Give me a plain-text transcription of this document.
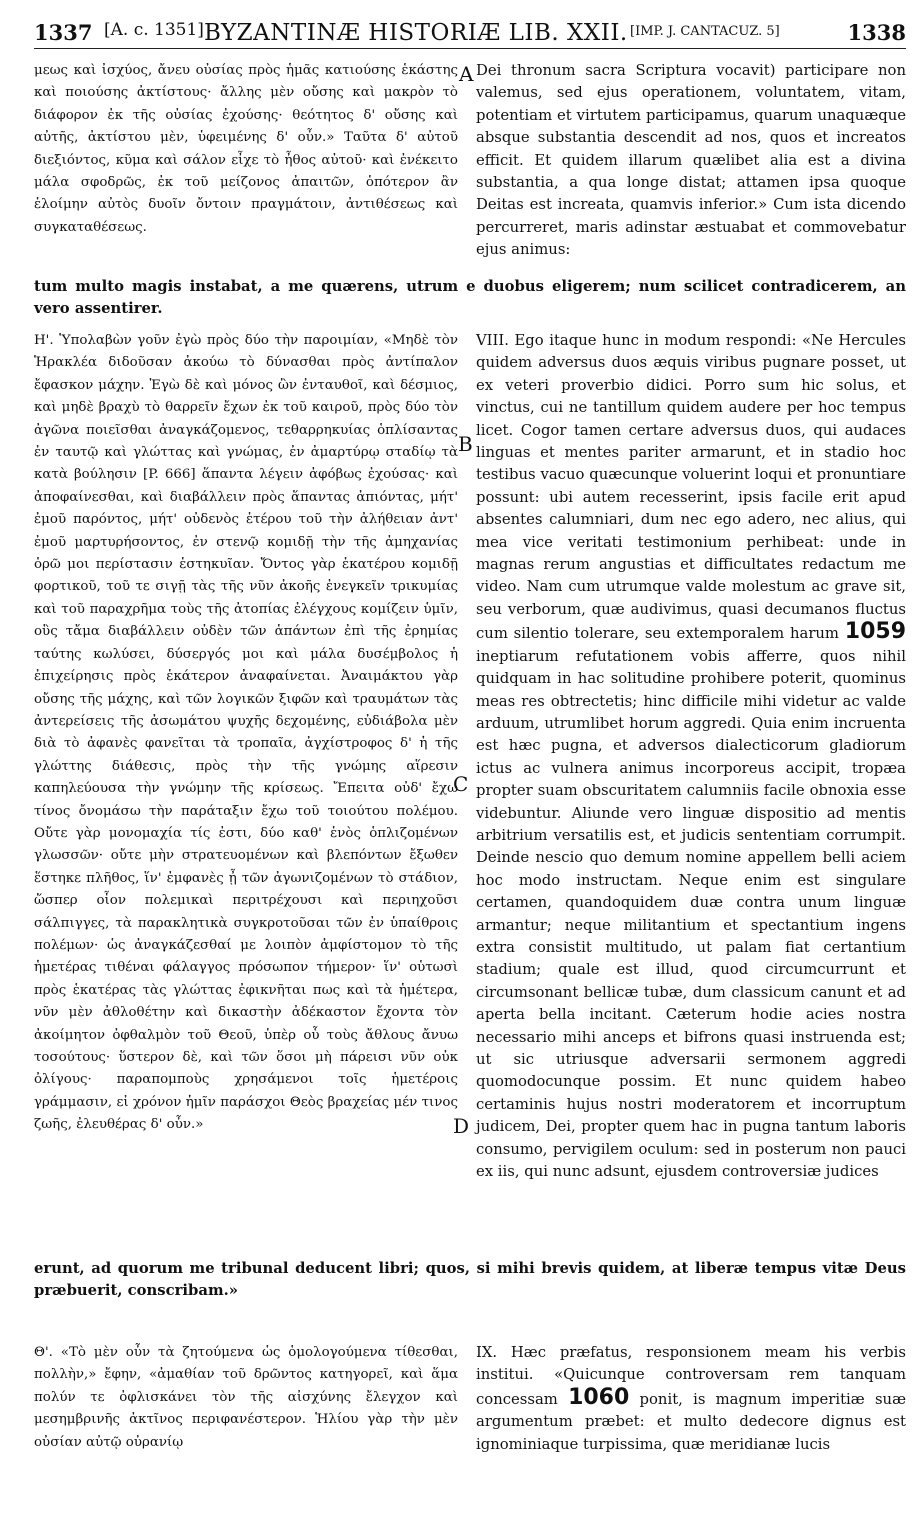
1337 [A. c. 1351] BYZANTINÆ HISTORIÆ LIB. XXII. [IMP. J. CANTACUZ. 5]	1338

μεως καὶ ἰσχύος, ἄνευ οὐσίας πρὸς ἡμᾶς κατιούσης ἑκάστης καὶ ποιούσης ἀκτίστους· ἄλλης μὲν οὔσης καὶ μακρὸν τὸ διάφορον ἐκ τῆς οὐσίας ἐχούσης· θεότητος δ' οὔσης καὶ αὐτῆς, ἀκτίστου μὲν, ὑφειμένης δ' οὖν.» Ταῦτα δ' αὐτοῦ διεξιόντος, κῦμα καὶ σάλον εἶχε τὸ ἦθος αὐτοῦ· καὶ ἐνέκειτο μάλα σφοδρῶς, ἐκ τοῦ μείζονος ἀπαιτῶν, ὁπότερον ἂν ἑλοίμην αὐτὸς δυοῖν ὄντοιν πραγμάτοιν, ἀντιθέσεως καὶ συγκαταθέσεως.

A Dei thronum sacra Scriptura vocavit) participare non valemus, sed ejus operationem, voluntatem, vitam, potentiam et virtutem participamus, quarum unaquæque absque substantia descendit ad nos, quos et increatos efficit. Et quidem illarum quælibet alia est a divina substantia, a qua longe distat; attamen ipsa quoque Deitas est increata, quamvis inferior.» Cum ista dicendo percurreret, maris adinstar æstuabat et commovebatur ejus animus:

tum multo magis instabat, a me quærens, utrum e duobus eligerem; num scilicet contradicerem, an vero assentirer.

Η'. Ὑπολαβὼν γοῦν ἐγὼ πρὸς δύο τὴν παροιμίαν, «Μηδὲ τὸν Ἡρακλέα διδοῦσαν ἀκούω τὸ δύνασθαι πρὸς ἀντίπαλον ἔφασκον μάχην. Ἐγὼ δὲ καὶ μόνος ὢν ἐνταυθοῖ, καὶ δέσμιος, καὶ μηδὲ βραχὺ τὸ θαρρεῖν ἔχων ἐκ τοῦ καιροῦ, πρὸς δύο τὸν ἀγῶνα ποιεῖσθαι ἀναγκάζομενος, τεθαρρηκυίας ὁπλίσαντας ἐν ταυτῷ καὶ γλώττας καὶ γνώμας, ἐν ἀμαρτύρῳ σταδίῳ τὰ κατὰ βούλησιν [P. 666] ἅπαντα λέγειν ἀφόβως ἐχούσας· καὶ ἀποφαίνεσθαι, καὶ διαβάλλειν πρὸς ἅπαντας ἀπιόντας, μήτ' ἐμοῦ παρόντος, μήτ' οὐδενὸς ἑτέρου τοῦ τὴν ἀλήθειαν ἀντ' ἐμοῦ μαρτυρήσοντος, ἐν στενῷ κομιδῇ τὴν τῆς ἀμηχανίας ὁρῶ μοι περίστασιν ἑστηκυῖαν. Ὄντος γὰρ ἑκατέρου κομιδῇ φορτικοῦ, τοῦ τε σιγῇ τὰς τῆς νῦν ἀκοῆς ἐνεγκεῖν τρικυμίας καὶ τοῦ παραχρῆμα τοὺς τῆς ἀτοπίας ἐλέγχους κομίζειν ὑμῖν, οὓς τἄμα διαβάλλειν οὐδὲν τῶν ἁπάντων ἐπὶ τῆς ἐρημίας ταύτης κωλύσει, δύσεργός μοι καὶ μάλα δυσέμβολος ἡ ἐπιχείρησις πρὸς ἑκάτερον ἀναφαίνεται. Ἀναιμάκτου γὰρ οὔσης τῆς μάχης, καὶ τῶν λογικῶν ξιφῶν καὶ τραυμάτων τὰς ἀντερείσεις τῆς ἀσωμάτου ψυχῆς δεχομένης, εὐδιάβολα μὲν διὰ τὸ ἀφανὲς φανεῖται τὰ τροπαῖα, ἀγχίστροφος δ' ἡ τῆς γλώττης διάθεσις, πρὸς τὴν τῆς γνώμης αἵρεσιν καπηλεύουσα τὴν γνώμην τῆς κρίσεως. Ἔπειτα οὐδ' ἔχω τίνος ὄνομάσω τὴν παράταξιν ἔχω τοῦ τοιούτου πολέμου. Οὔτε γὰρ μονομαχία τίς ἐστι, δύο καθ' ἑνὸς ὁπλιζομένων γλωσσῶν· οὔτε μὴν στρατευομένων καὶ βλεπόντων ἔξωθεν ἕστηκε πλῆθος, ἵν' ἐμφανὲς ᾖ τῶν ἀγωνιζομένων τὸ στάδιον, ὥσπερ οἷον πολεμικαὶ περιτρέχουσι καὶ περιηχοῦσι σάλπιγγες, τὰ παρακλητικὰ συγκροτοῦσαι τῶν ἐν ὑπαίθροις πολέμων· ὡς ἀναγκάζεσθαί με λοιπὸν ἀμφίστομον τὸ τῆς ἡμετέρας τιθέναι φάλαγγος πρόσωπον τήμερον· ἵν' οὑτωσὶ πρὸς ἑκατέρας τὰς γλώττας ἐφικνῆται πως καὶ τὰ ἡμέτερα, νῦν μὲν ἀθλοθέτην καὶ δικαστὴν ἀδέκαστον ἔχοντα τὸν ἀκοίμητον ὀφθαλμὸν τοῦ Θεοῦ, ὑπὲρ οὗ τοὺς ἄθλους ἄνυω τοσούτους· ὕστερον δὲ, καὶ τῶν ὅσοι μὴ πάρεισι νῦν οὐκ ὀλίγους· παραπομποὺς χρησάμενοι τοῖς ἡμετέροις γράμμασιν, εἰ χρόνον ἡμῖν παράσχοι Θεὸς βραχείας μέν τινος ζωῆς, ἐλευθέρας δ' οὖν.»

B
C
D

VIII. Ego itaque hunc in modum respondi: «Ne Hercules quidem adversus duos æquis viribus pugnare posset, ut ex veteri proverbio didici. Porro sum hic solus, et vinctus, cui ne tantillum quidem audere per hoc tempus licet. Cogor tamen certare adversus duos, qui audaces linguas et mentes pariter armarunt, et in stadio hoc testibus vacuo quæcunque voluerint loqui et pronuntiare possunt: ubi autem recesserint, ipsis facile erit apud absentes calumniari, dum nec ego adero, nec alius, qui mea vice veritati testimonium perhibeat: unde in magnas rerum angustias et difficultates redactum me video. Nam cum utrumque valde molestum ac grave sit, seu verborum, quæ audivimus, quasi decumanos fluctus cum silentio tolerare, seu extemporalem harum 1059 ineptiarum refutationem vobis afferre, quos nihil quidquam in hac solitudine prohibere poterit, quominus meas res obtrectetis; hinc difficile mihi videtur ac valde arduum, utrumlibet horum aggredi. Quia enim incruenta est hæc pugna, et adversos dialecticorum gladiorum ictus ac vulnera animus incorporeus accipit, tropæa propter suam obscuritatem calumniis facile obnoxia esse videbuntur. Aliunde vero linguæ dispositio ad mentis arbitrium versatilis est, et judicis sententiam corrumpit. Deinde nescio quo demum nomine appellem belli aciem hoc modo instructam. Neque enim est singulare certamen, quandoquidem duæ contra unum linguæ armantur; neque militantium et spectantium ingens extra consistit multitudo, ut palam fiat certantium stadium; quale est illud, quod circumcurrunt et circumsonant bellicæ tubæ, dum classicum canunt et ad aperta bella incitant. Cæterum hodie acies nostra necessario mihi anceps et bifrons quasi instruenda est; ut sic utriusque adversarii sermonem aggredi quomodocunque possim. Et nunc quidem habeo certaminis hujus nostri moderatorem et incorruptum judicem, Dei, propter quem hac in pugna tantum laboris consumo, pervigilem oculum: sed in posterum non pauci ex iis, qui nunc adsunt, ejusdem controversiæ judices

erunt, ad quorum me tribunal deducent libri; quos, si mihi brevis quidem, at liberæ tempus vitæ Deus præbuerit, conscribam.»

Θ'. «Τὸ μὲν οὖν τὰ ζητούμενα ὡς ὁμολογούμενα τίθεσθαι, πολλὴν,» ἔφην, «ἀμαθίαν τοῦ δρῶντος κατηγορεῖ, καὶ ἅμα πολύν τε ὀφλισκάνει τὸν τῆς αἰσχύνης ἔλεγχον καὶ μεσημβρινῆς ἀκτῖνος περιφανέστερον. Ἡλίου γὰρ τὴν μὲν οὐσίαν αὐτῷ οὐρανίῳ

IX. Hæc præfatus, responsionem meam his verbis institui. «Quicunque controversam rem tanquam concessam 1060 ponit, is magnum imperitiæ suæ argumentum præbet: et multo dedecore dignus est ignominiaque turpissima, quæ meridianæ lucis
